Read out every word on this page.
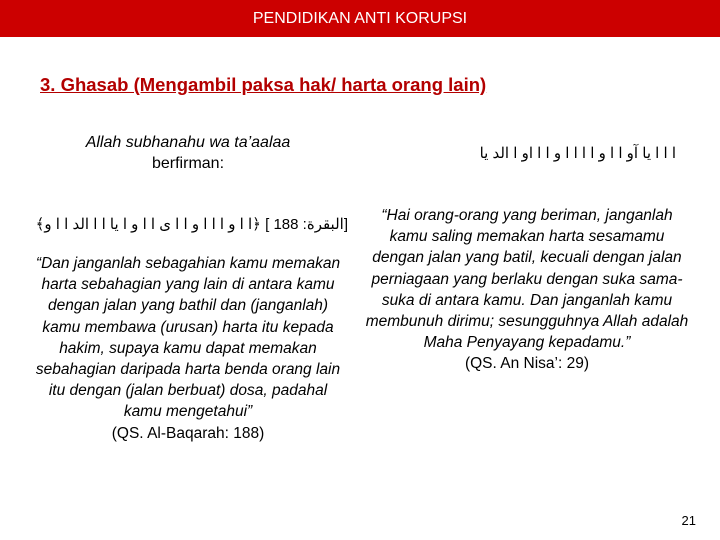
PENDIDIKAN ANTI KORUPSI
3. Ghasab (Mengambil paksa hak/ harta orang lain)

Allah subhanahu wa ta’aalaa
berfirman:

[البقرة: 188 ] ﴿ا ا و ا ا ا و ا ا ى ا ا و ا يا ا ا الد ا ا و﴾

“Dan janganlah sebagahian kamu memakan harta sebahagian yang lain di antara kamu dengan jalan yang bathil dan (janganlah) kamu membawa (urusan) harta itu kepada hakim, supaya kamu dapat memakan sebahagian daripada harta benda orang lain itu dengan (jalan berbuat) dosa, padahal kamu mengetahui”
(QS. Al-Baqarah: 188)

ا ا ا يا آو ا ا و ا ا ا ا و ا ا او ا الد يا

“Hai orang-orang yang beriman, janganlah kamu saling memakan harta sesamamu dengan jalan yang batil, kecuali dengan jalan perniagaan yang berlaku dengan suka sama-suka di antara kamu. Dan janganlah kamu membunuh dirimu; sesungguhnya Allah adalah Maha Penyayang kepadamu.”
(QS. An Nisa’: 29)

21
